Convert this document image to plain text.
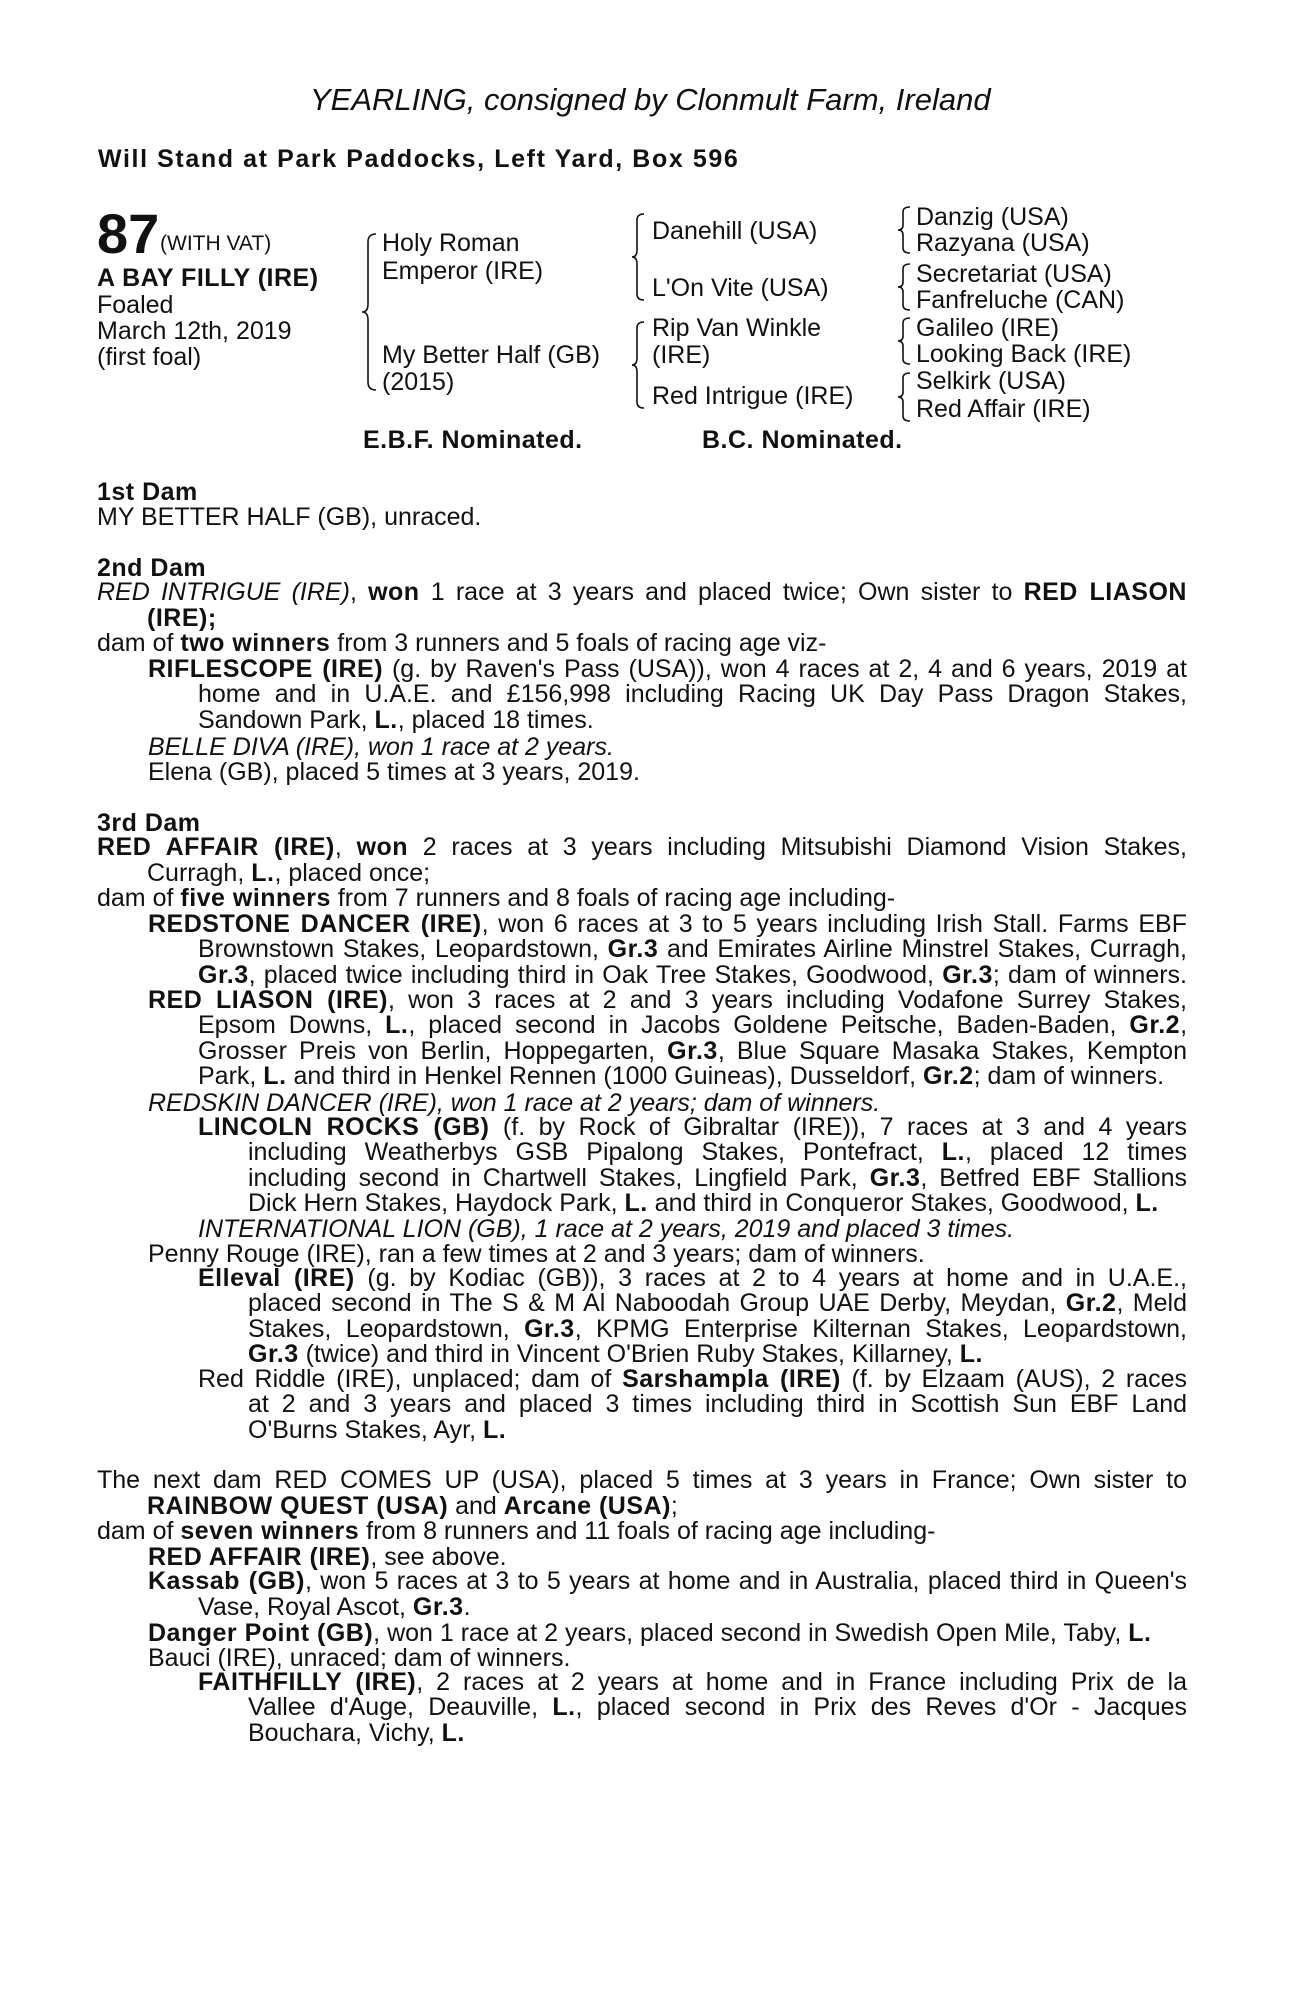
YEARLING, consigned by Clonmult Farm, Ireland
Will Stand at Park Paddocks, Left Yard, Box 596
87 (WITH VAT)
A BAY FILLY (IRE)
Foaled
March 12th, 2019
(first foal)
Holy Roman
Emperor (IRE)
My Better Half (GB)
(2015)
Danehill (USA)
L'On Vite (USA)
Rip Van Winkle
(IRE)
Red Intrigue (IRE)
Danzig (USA)
Razyana (USA)
Secretariat (USA)
Fanfreluche (CAN)
Galileo (IRE)
Looking Back (IRE)
Selkirk (USA)
Red Affair (IRE)
E.B.F. Nominated.	B.C. Nominated.
1st Dam
MY BETTER HALF (GB), unraced.
2nd Dam
RED INTRIGUE (IRE), won 1 race at 3 years and placed twice; Own sister to RED LIASON
(IRE);
dam of two winners from 3 runners and 5 foals of racing age viz-
RIFLESCOPE (IRE) (g. by Raven's Pass (USA)), won 4 races at 2, 4 and 6 years, 2019 at
home and in U.A.E. and £156,998 including Racing UK Day Pass Dragon Stakes,
Sandown Park, L., placed 18 times.
BELLE DIVA (IRE), won 1 race at 2 years.
Elena (GB), placed 5 times at 3 years, 2019.
3rd Dam
RED AFFAIR (IRE), won 2 races at 3 years including Mitsubishi Diamond Vision Stakes,
Curragh, L., placed once;
dam of five winners from 7 runners and 8 foals of racing age including-
REDSTONE DANCER (IRE), won 6 races at 3 to 5 years including Irish Stall. Farms EBF
Brownstown Stakes, Leopardstown, Gr.3 and Emirates Airline Minstrel Stakes, Curragh,
Gr.3, placed twice including third in Oak Tree Stakes, Goodwood, Gr.3; dam of winners.
RED LIASON (IRE), won 3 races at 2 and 3 years including Vodafone Surrey Stakes,
Epsom Downs, L., placed second in Jacobs Goldene Peitsche, Baden-Baden, Gr.2,
Grosser Preis von Berlin, Hoppegarten, Gr.3, Blue Square Masaka Stakes, Kempton
Park, L. and third in Henkel Rennen (1000 Guineas), Dusseldorf, Gr.2; dam of winners.
REDSKIN DANCER (IRE), won 1 race at 2 years; dam of winners.
LINCOLN ROCKS (GB) (f. by Rock of Gibraltar (IRE)), 7 races at 3 and 4 years
including Weatherbys GSB Pipalong Stakes, Pontefract, L., placed 12 times
including second in Chartwell Stakes, Lingfield Park, Gr.3, Betfred EBF Stallions
Dick Hern Stakes, Haydock Park, L. and third in Conqueror Stakes, Goodwood, L.
INTERNATIONAL LION (GB), 1 race at 2 years, 2019 and placed 3 times.
Penny Rouge (IRE), ran a few times at 2 and 3 years; dam of winners.
Elleval (IRE) (g. by Kodiac (GB)), 3 races at 2 to 4 years at home and in U.A.E.,
placed second in The S & M Al Naboodah Group UAE Derby, Meydan, Gr.2, Meld
Stakes, Leopardstown, Gr.3, KPMG Enterprise Kilternan Stakes, Leopardstown,
Gr.3 (twice) and third in Vincent O'Brien Ruby Stakes, Killarney, L.
Red Riddle (IRE), unplaced; dam of Sarshampla (IRE) (f. by Elzaam (AUS), 2 races
at 2 and 3 years and placed 3 times including third in Scottish Sun EBF Land
O'Burns Stakes, Ayr, L.
The next dam RED COMES UP (USA), placed 5 times at 3 years in France; Own sister to
RAINBOW QUEST (USA) and Arcane (USA);
dam of seven winners from 8 runners and 11 foals of racing age including-
RED AFFAIR (IRE), see above.
Kassab (GB), won 5 races at 3 to 5 years at home and in Australia, placed third in Queen's
Vase, Royal Ascot, Gr.3.
Danger Point (GB), won 1 race at 2 years, placed second in Swedish Open Mile, Taby, L.
Bauci (IRE), unraced; dam of winners.
FAITHFILLY (IRE), 2 races at 2 years at home and in France including Prix de la
Vallee d'Auge, Deauville, L., placed second in Prix des Reves d'Or - Jacques
Bouchara, Vichy, L.
